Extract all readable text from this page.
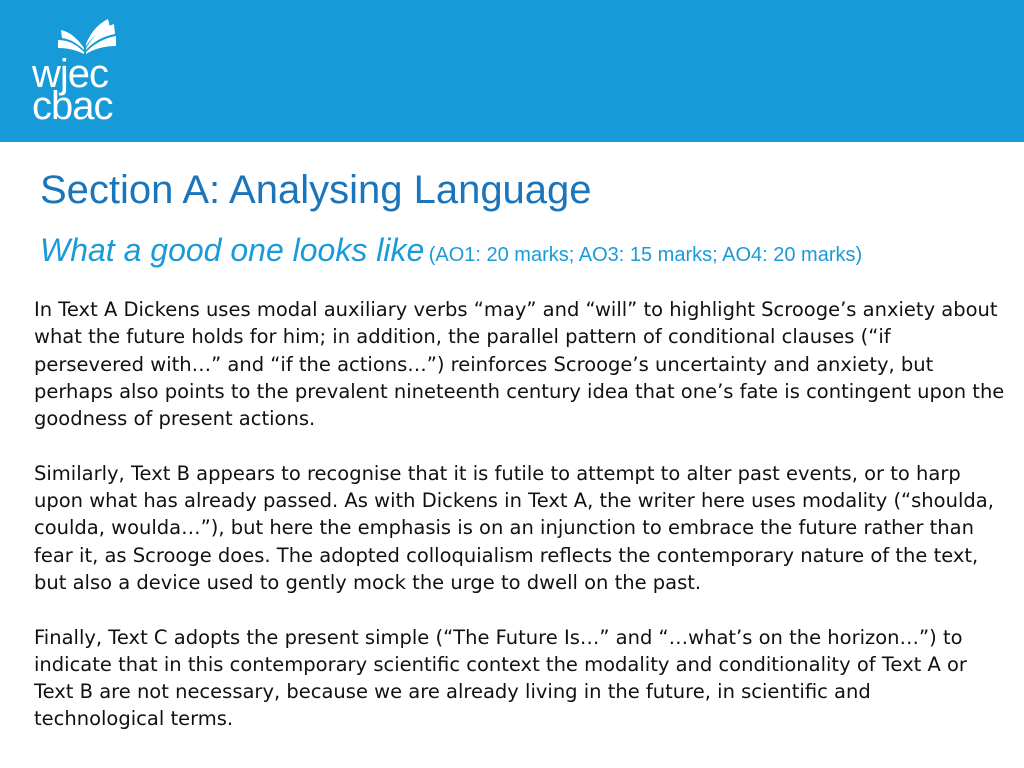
wjec
cbac
Section A: Analysing Language
What a good one looks like (AO1: 20 marks; AO3: 15 marks; AO4: 20 marks)

In Text A Dickens uses modal auxiliary verbs “may” and “will” to highlight Scrooge’s anxiety about what the future holds for him; in addition, the parallel pattern of conditional clauses (“if persevered with…” and “if the actions…”) reinforces Scrooge’s uncertainty and anxiety, but perhaps also points to the prevalent nineteenth century idea that one’s fate is contingent upon the goodness of present actions.

Similarly, Text B appears to recognise that it is futile to attempt to alter past events, or to harp upon what has already passed. As with Dickens in Text A, the writer here uses modality (“shoulda, coulda, woulda…”), but here the emphasis is on an injunction to embrace the future rather than fear it, as Scrooge does. The adopted colloquialism reflects the contemporary nature of the text, but also a device used to gently mock the urge to dwell on the past.

Finally, Text C adopts the present simple (“The Future Is…” and “…what’s on the horizon…”) to indicate that in this contemporary scientific context the modality and conditionality of Text A or Text B are not necessary, because we are already living in the future, in scientific and technological terms.
